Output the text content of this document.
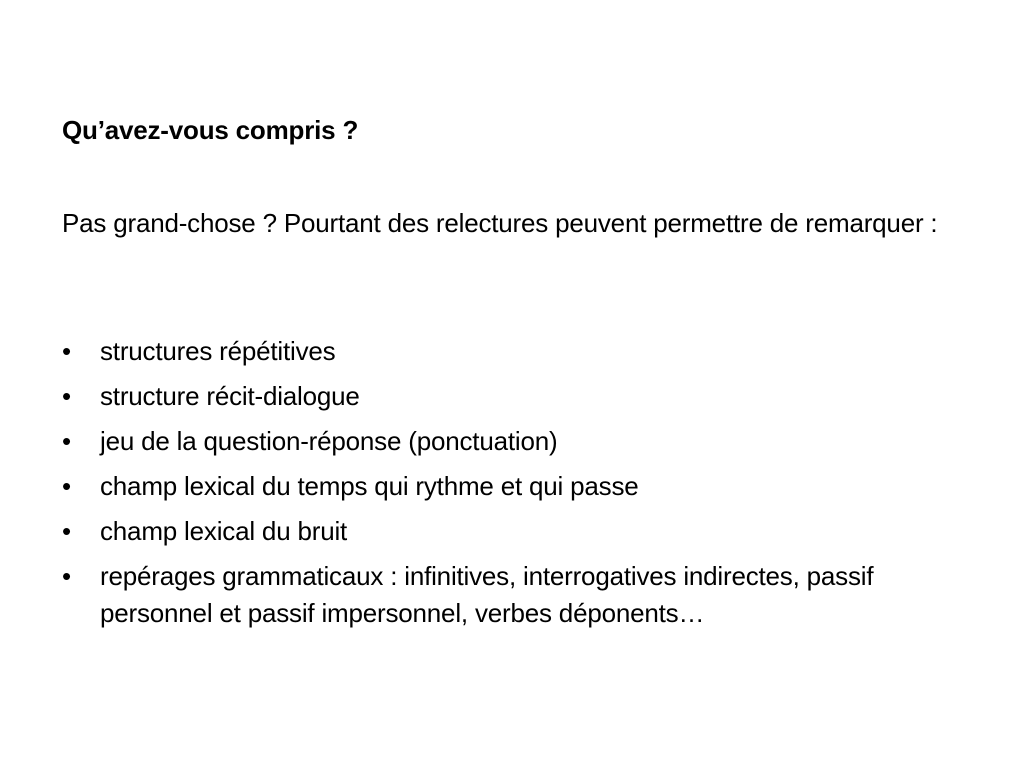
Qu’avez-vous compris ?
Pas grand-chose ? Pourtant des relectures peuvent permettre de remarquer :
•	structures répétitives
•	structure récit-dialogue
•	jeu de la question-réponse (ponctuation)
•	champ lexical du temps qui rythme et qui passe
•	champ lexical du bruit
•	repérages grammaticaux : infinitives, interrogatives indirectes, passif personnel et passif impersonnel, verbes déponents…
